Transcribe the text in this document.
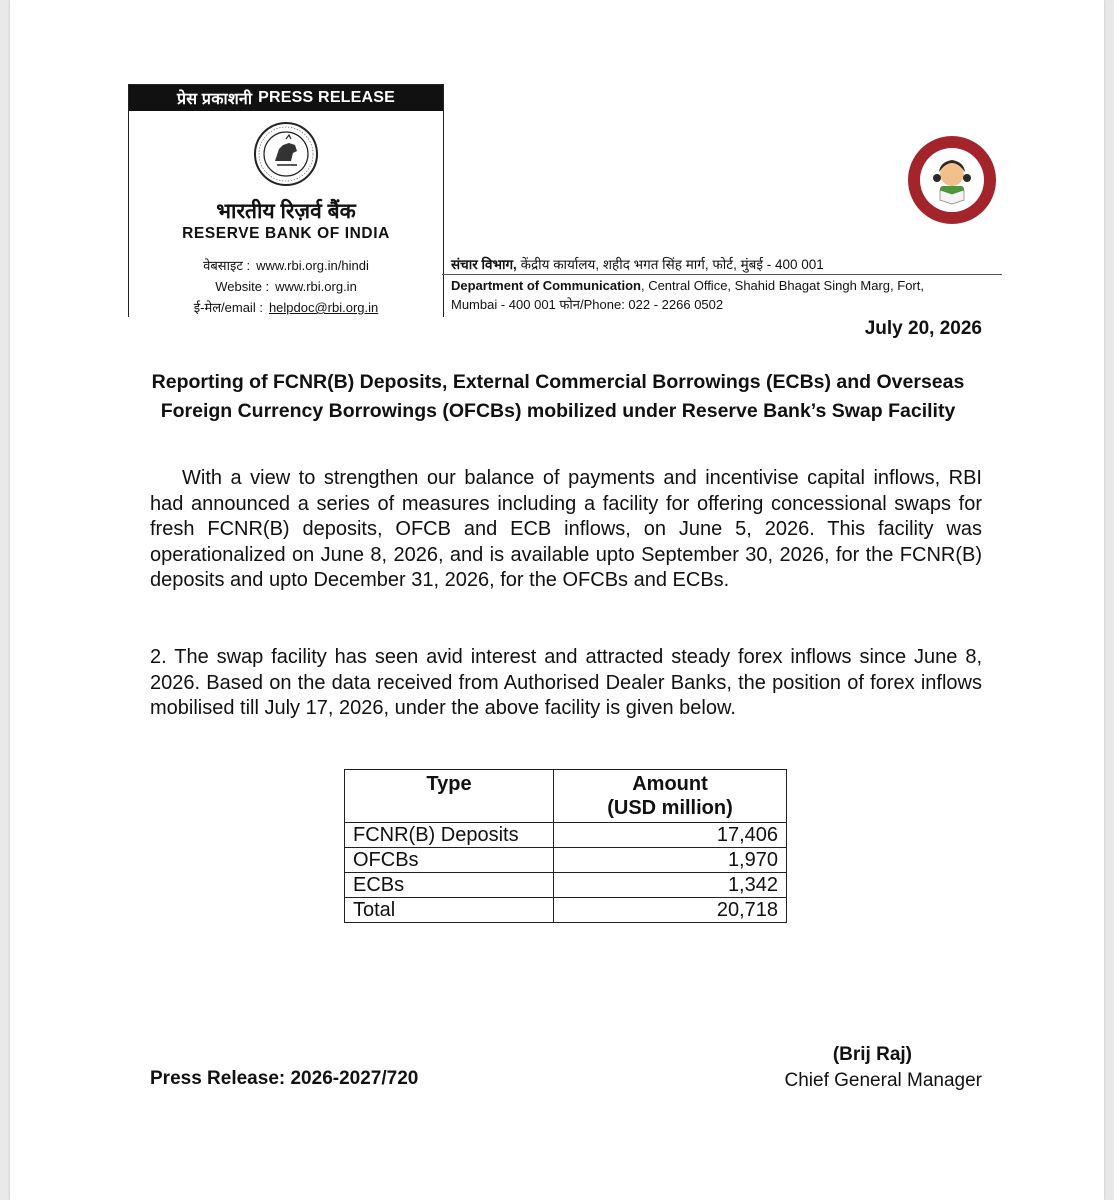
प्रेस प्रकाशनी PRESS RELEASE
भारतीय रिज़र्व बैंक
RESERVE BANK OF INDIA
वेबसाइट : www.rbi.org.in/hindi
Website : www.rbi.org.in
ई-मेल/email : helpdoc@rbi.org.in
संचार विभाग, केंद्रीय कार्यालय, शहीद भगत सिंह मार्ग, फोर्ट, मुंबई - 400 001
Department of Communication, Central Office, Shahid Bhagat Singh Marg, Fort,
Mumbai - 400 001 फोन/Phone: 022 - 2266 0502
July 20, 2026
Reporting of FCNR(B) Deposits, External Commercial Borrowings (ECBs) and Overseas Foreign Currency Borrowings (OFCBs) mobilized under Reserve Bank’s Swap Facility
With a view to strengthen our balance of payments and incentivise capital inflows, RBI had announced a series of measures including a facility for offering concessional swaps for fresh FCNR(B) deposits, OFCB and ECB inflows, on June 5, 2026. This facility was operationalized on June 8, 2026, and is available upto September 30, 2026, for the FCNR(B) deposits and upto December 31, 2026, for the OFCBs and ECBs.
2. The swap facility has seen avid interest and attracted steady forex inflows since June 8, 2026. Based on the data received from Authorised Dealer Banks, the position of forex inflows mobilised till July 17, 2026, under the above facility is given below.
Type	Amount
(USD million)
FCNR(B) Deposits	17,406
OFCBs	1,970
ECBs	1,342
Total	20,718
(Brij Raj)
Chief General Manager
Press Release: 2026-2027/720
